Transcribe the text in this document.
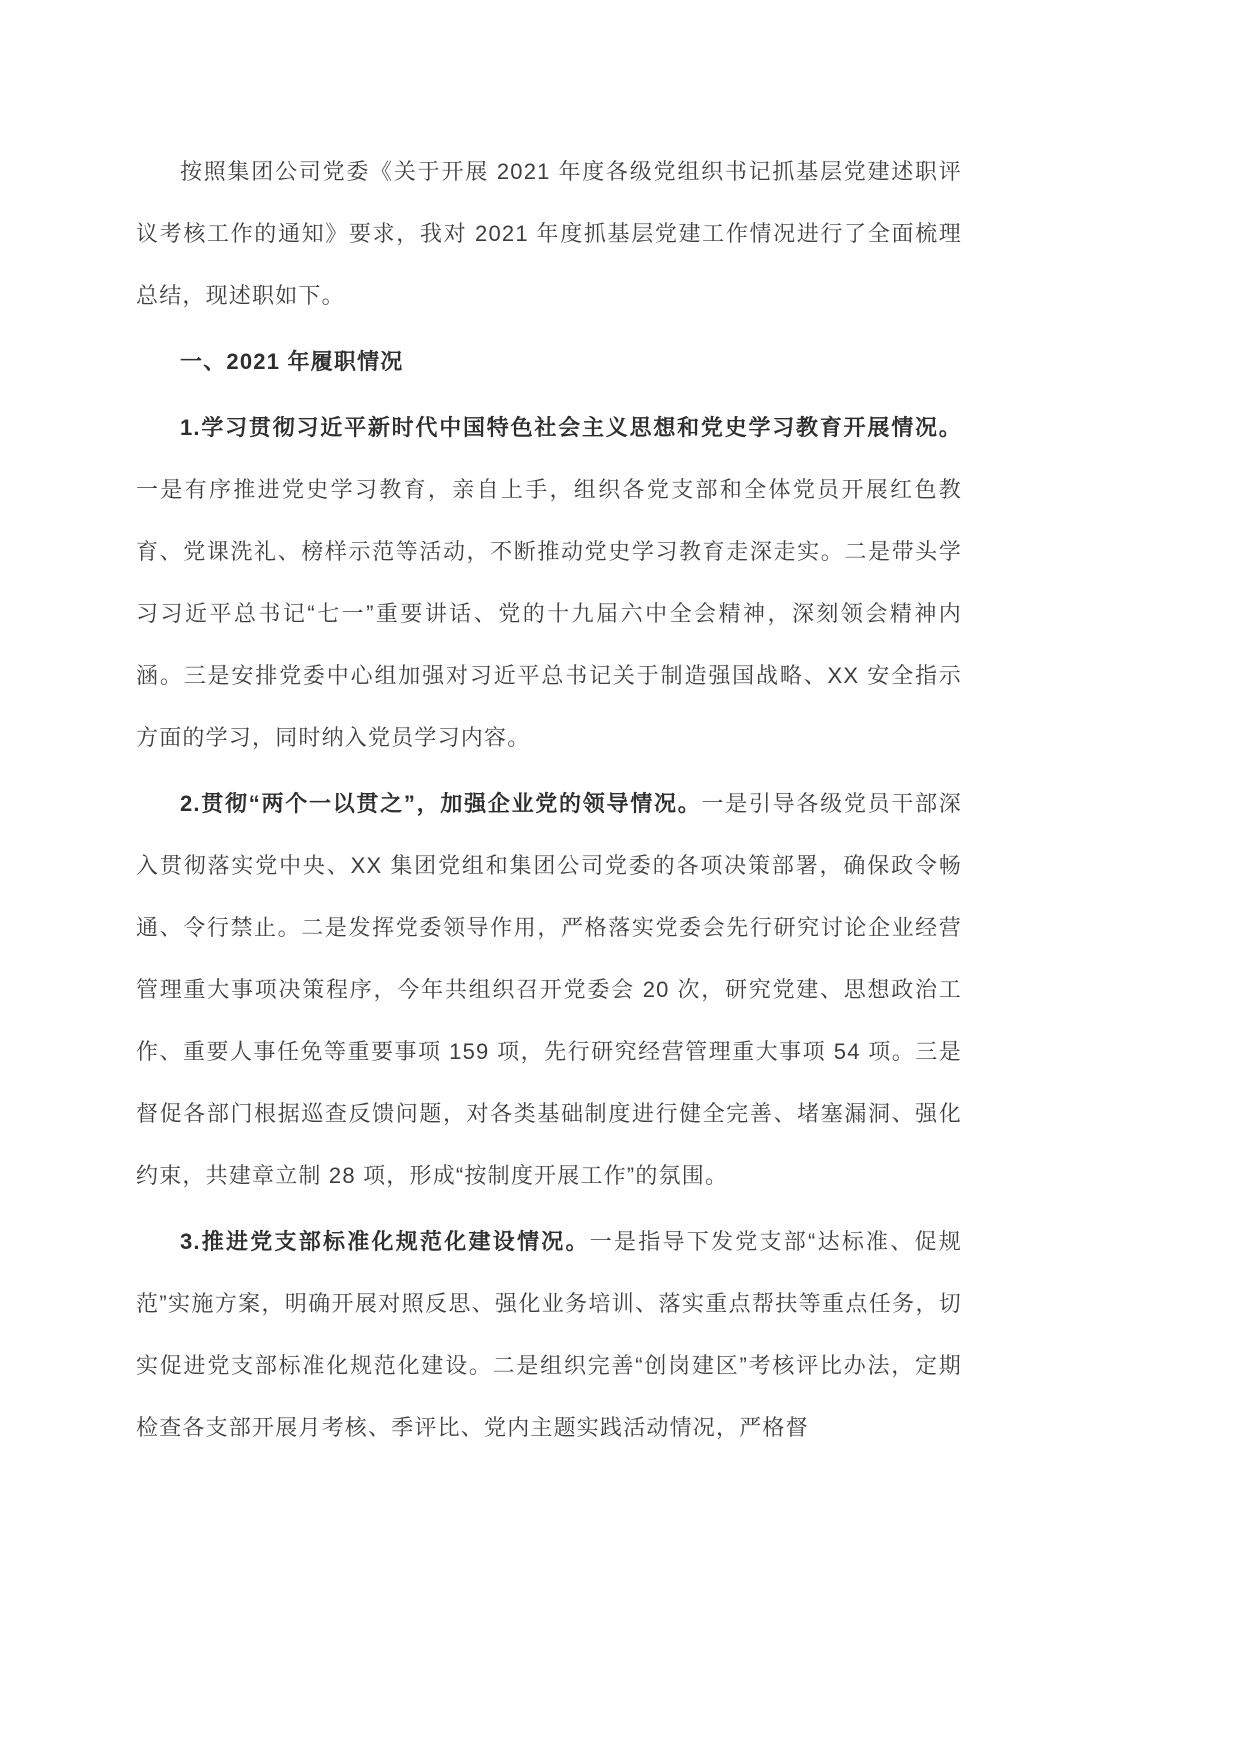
按照集团公司党委《关于开展 2021 年度各级党组织书记抓基层党建述职评议考核工作的通知》要求，我对 2021 年度抓基层党建工作情况进行了全面梳理总结，现述职如下。

一、2021 年履职情况

1.学习贯彻习近平新时代中国特色社会主义思想和党史学习教育开展情况。一是有序推进党史学习教育，亲自上手，组织各党支部和全体党员开展红色教育、党课洗礼、榜样示范等活动，不断推动党史学习教育走深走实。二是带头学习习近平总书记“七一”重要讲话、党的十九届六中全会精神，深刻领会精神内涵。三是安排党委中心组加强对习近平总书记关于制造强国战略、XX 安全指示方面的学习，同时纳入党员学习内容。

2.贯彻“两个一以贯之”，加强企业党的领导情况。一是引导各级党员干部深入贯彻落实党中央、XX 集团党组和集团公司党委的各项决策部署，确保政令畅通、令行禁止。二是发挥党委领导作用，严格落实党委会先行研究讨论企业经营管理重大事项决策程序，今年共组织召开党委会 20 次，研究党建、思想政治工作、重要人事任免等重要事项 159 项，先行研究经营管理重大事项 54 项。三是督促各部门根据巡查反馈问题，对各类基础制度进行健全完善、堵塞漏洞、强化约束，共建章立制 28 项，形成“按制度开展工作”的氛围。

3.推进党支部标准化规范化建设情况。一是指导下发党支部“达标准、促规范”实施方案，明确开展对照反思、强化业务培训、落实重点帮扶等重点任务，切实促进党支部标准化规范化建设。二是组织完善“创岗建区”考核评比办法，定期检查各支部开展月考核、季评比、党内主题实践活动情况，严格督
